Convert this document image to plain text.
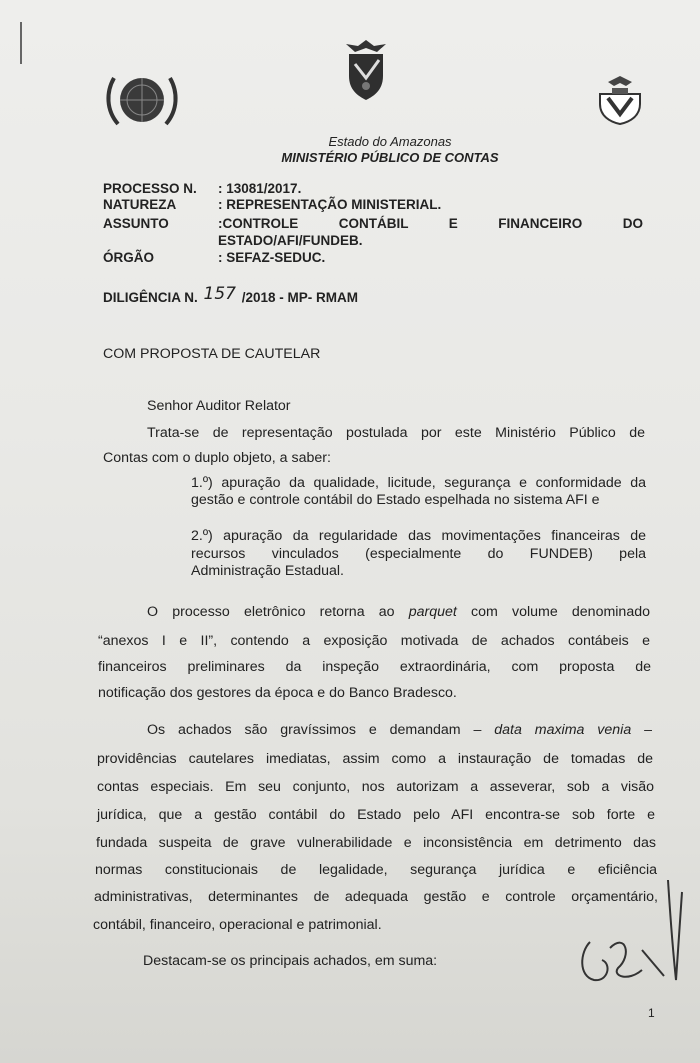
Estado do Amazonas
MINISTÉRIO PÚBLICO DE CONTAS
PROCESSO N. : 13081/2017.
NATUREZA	: REPRESENTAÇÃO MINISTERIAL.
ASSUNTO	:CONTROLE CONTÁBIL E FINANCEIRO DO
ESTADO/AFI/FUNDEB.
ÓRGÃO	: SEFAZ-SEDUC.
DILIGÊNCIA N. 157 /2018 - MP- RMAM
COM PROPOSTA DE CAUTELAR
Senhor Auditor Relator
Trata-se de representação postulada por este Ministério Público de
Contas com o duplo objeto, a saber:
1.º) apuração da qualidade, licitude, segurança e conformidade da
gestão e controle contábil do Estado espelhada no sistema AFI e
2.º) apuração da regularidade das movimentações financeiras de
recursos vinculados (especialmente do FUNDEB) pela
Administração Estadual.
O processo eletrônico retorna ao parquet com volume denominado
“anexos I e II”, contendo a exposição motivada de achados contábeis e
financeiros preliminares da inspeção extraordinária, com proposta de
notificação dos gestores da época e do Banco Bradesco.
Os achados são gravíssimos e demandam – data maxima venia –
providências cautelares imediatas, assim como a instauração de tomadas de
contas especiais. Em seu conjunto, nos autorizam a asseverar, sob a visão
jurídica, que a gestão contábil do Estado pelo AFI encontra-se sob forte e
fundada suspeita de grave vulnerabilidade e inconsistência em detrimento das
normas constitucionais de legalidade, segurança jurídica e eficiência
administrativas, determinantes de adequada gestão e controle orçamentário,
contábil, financeiro, operacional e patrimonial.
Destacam-se os principais achados, em suma:
1
